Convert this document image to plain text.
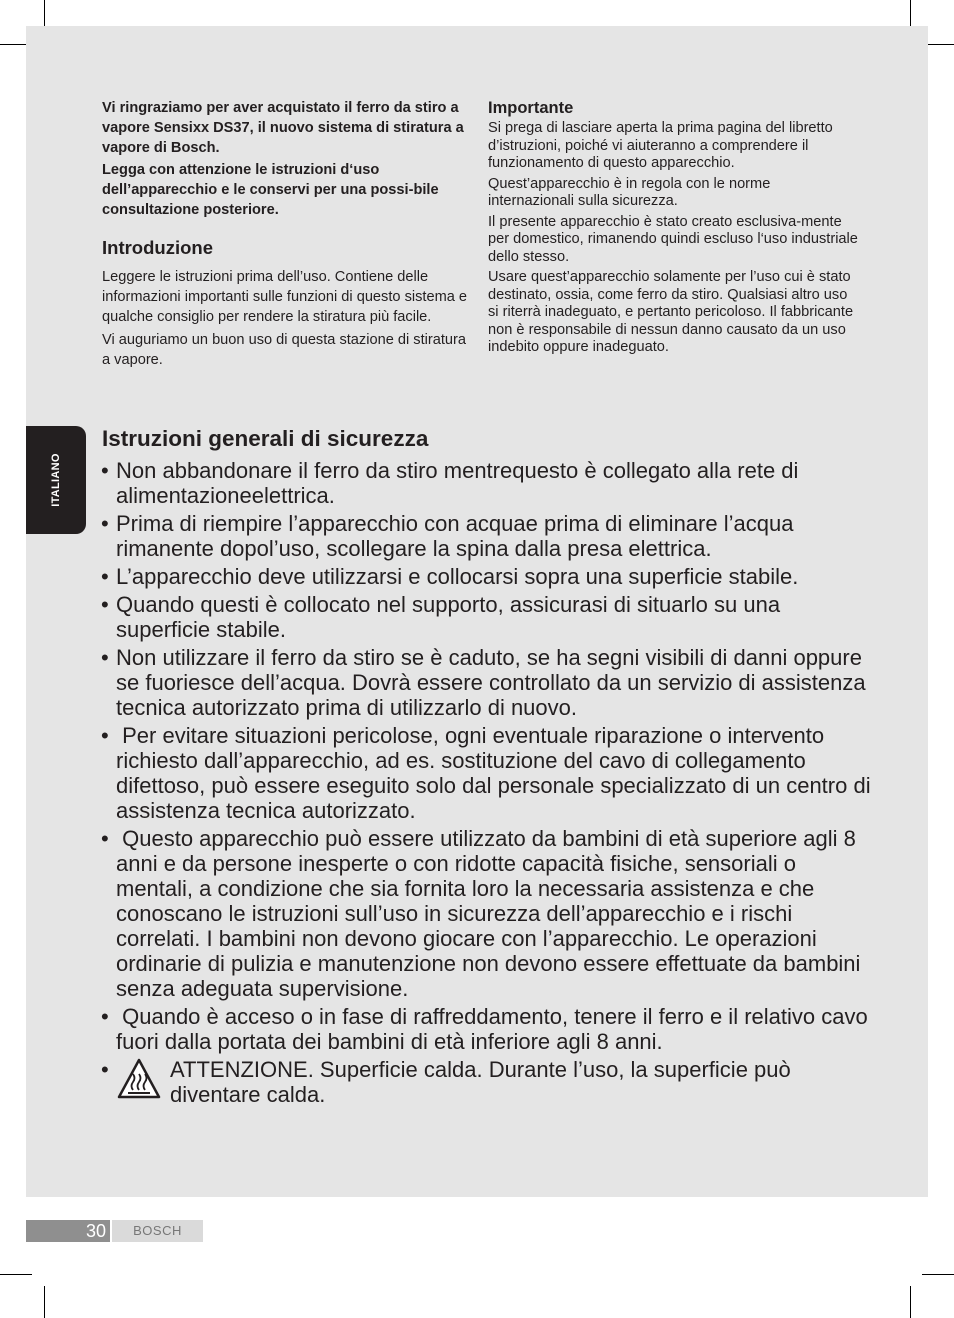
ITALIANO

Vi ringraziamo per aver acquistato il ferro da stiro a vapore Sensixx DS37, il nuovo sistema di stiratura a vapore di Bosch.

Legga con attenzione le istruzioni d‘uso dell’apparecchio e le conservi per una possi-bile consultazione posteriore.

Introduzione

Leggere le istruzioni prima dell’uso. Contiene delle informazioni importanti sulle funzioni di questo sistema e qualche consiglio per rendere la stiratura più facile.

Vi auguriamo un buon uso di questa stazione di stiratura a vapore.

Importante

Si prega di lasciare aperta la prima pagina del libretto d’istruzioni, poiché vi aiuteranno a comprendere il funzionamento di questo apparecchio.

Quest’apparecchio è in regola con le norme internazionali sulla sicurezza.

Il presente apparecchio è stato creato esclusiva-mente per domestico, rimanendo quindi escluso l‘uso industriale dello stesso.

Usare quest’apparecchio solamente per l’uso cui è stato destinato, ossia, come ferro da stiro. Qualsiasi altro uso si riterrà inadeguato, e pertanto pericoloso. Il fabbricante non è responsabile di nessun danno causato da un uso indebito oppure inadeguato.

Istruzioni generali di sicurezza
• Non abbandonare il ferro da stiro mentrequesto è collegato alla rete di alimentazioneelettrica.
• Prima di riempire l’apparecchio con acquae prima di eliminare l’acqua rimanente dopol’uso, scollegare la spina dalla presa elettrica.
• L’apparecchio deve utilizzarsi e collocarsi sopra una superficie stabile.
• Quando questi è collocato nel supporto, assicurasi di situarlo su una superficie stabile.
• Non utilizzare il ferro da stiro se è caduto, se ha segni visibili di danni oppure se fuoriesce dell’acqua. Dovrà essere controllato da un servizio di assistenza tecnica autorizzato prima di utilizzarlo di nuovo.
• Per evitare situazioni pericolose, ogni eventuale riparazione o intervento richiesto dall’apparecchio, ad es. sostituzione del cavo di collegamento difettoso, può essere eseguito solo dal personale specializzato di un centro di assistenza tecnica autorizzato.
• Questo apparecchio può essere utilizzato da bambini di età superiore agli 8 anni e da persone inesperte o con ridotte capacità fisiche, sensoriali o mentali, a condizione che sia fornita loro la necessaria assistenza e che conoscano le istruzioni sull’uso in sicurezza dell’apparecchio e i rischi correlati. I bambini non devono giocare con l’apparecchio. Le operazioni ordinarie di pulizia e manutenzione non devono essere effettuate da bambini senza adeguata supervisione.
• Quando è acceso o in fase di raffreddamento, tenere il ferro e il relativo cavo fuori dalla portata dei bambini di età inferiore agli 8 anni.
•	ATTENZIONE. Superficie calda. Durante l’uso, la superficie può diventare calda.
30	BOSCH
